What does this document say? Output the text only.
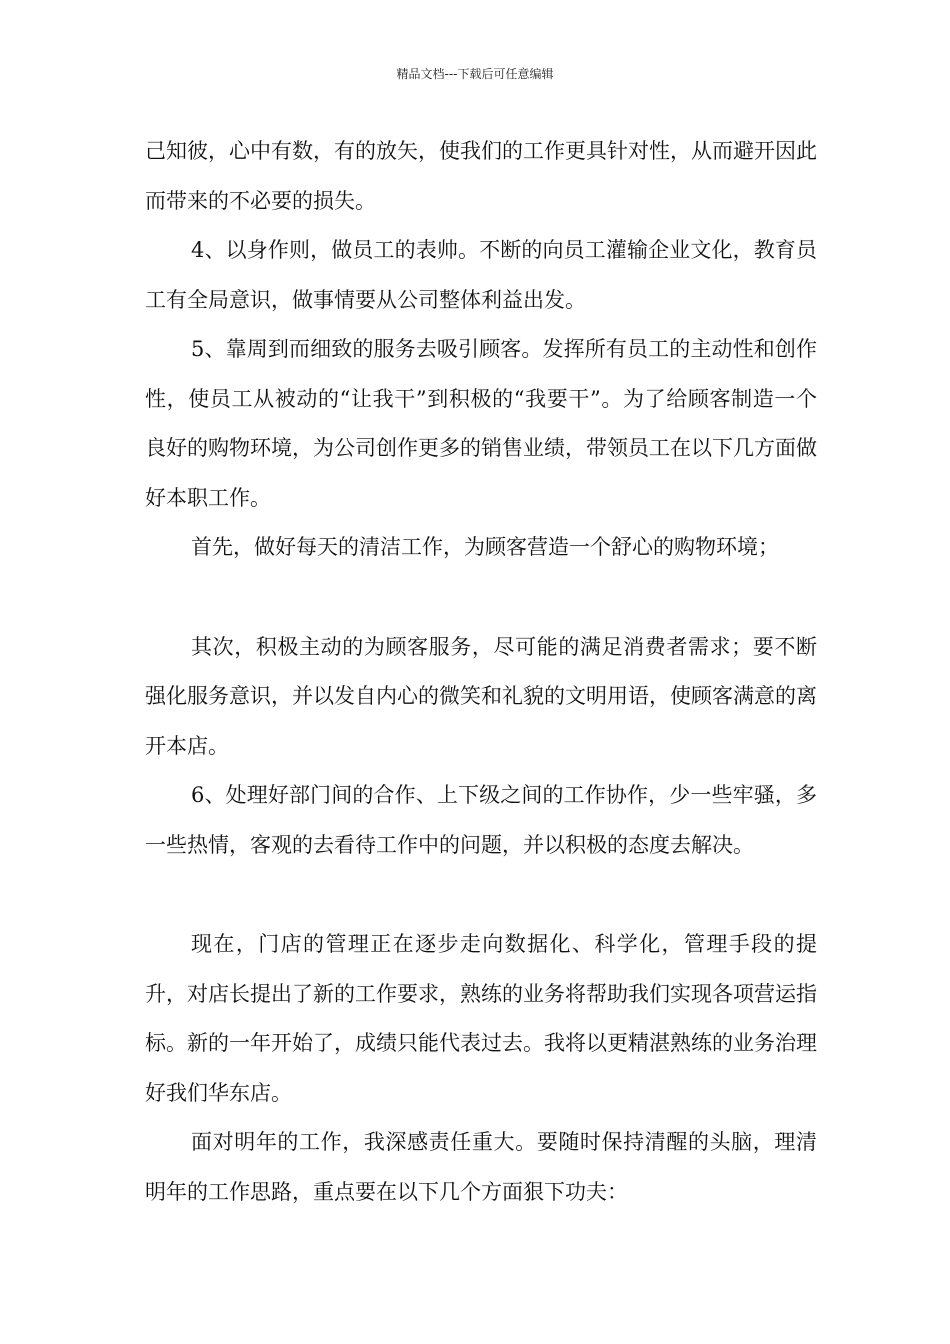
精品文档---下载后可任意编辑

己知彼，心中有数，有的放矢，使我们的工作更具针对性，从而避开因此而带来的不必要的损失。

4、以身作则，做员工的表帅。不断的向员工灌输企业文化，教育员工有全局意识，做事情要从公司整体利益出发。

5、靠周到而细致的服务去吸引顾客。发挥所有员工的主动性和创作性，使员工从被动的“让我干”到积极的“我要干”。为了给顾客制造一个良好的购物环境，为公司创作更多的销售业绩，带领员工在以下几方面做好本职工作。

首先，做好每天的清洁工作，为顾客营造一个舒心的购物环境；

其次，积极主动的为顾客服务，尽可能的满足消费者需求；要不断强化服务意识，并以发自内心的微笑和礼貌的文明用语，使顾客满意的离开本店。

6、处理好部门间的合作、上下级之间的工作协作，少一些牢骚，多一些热情，客观的去看待工作中的问题，并以积极的态度去解决。

现在，门店的管理正在逐步走向数据化、科学化，管理手段的提升，对店长提出了新的工作要求，熟练的业务将帮助我们实现各项营运指标。新的一年开始了，成绩只能代表过去。我将以更精湛熟练的业务治理好我们华东店。

面对明年的工作，我深感责任重大。要随时保持清醒的头脑，理清明年的工作思路，重点要在以下几个方面狠下功夫：
